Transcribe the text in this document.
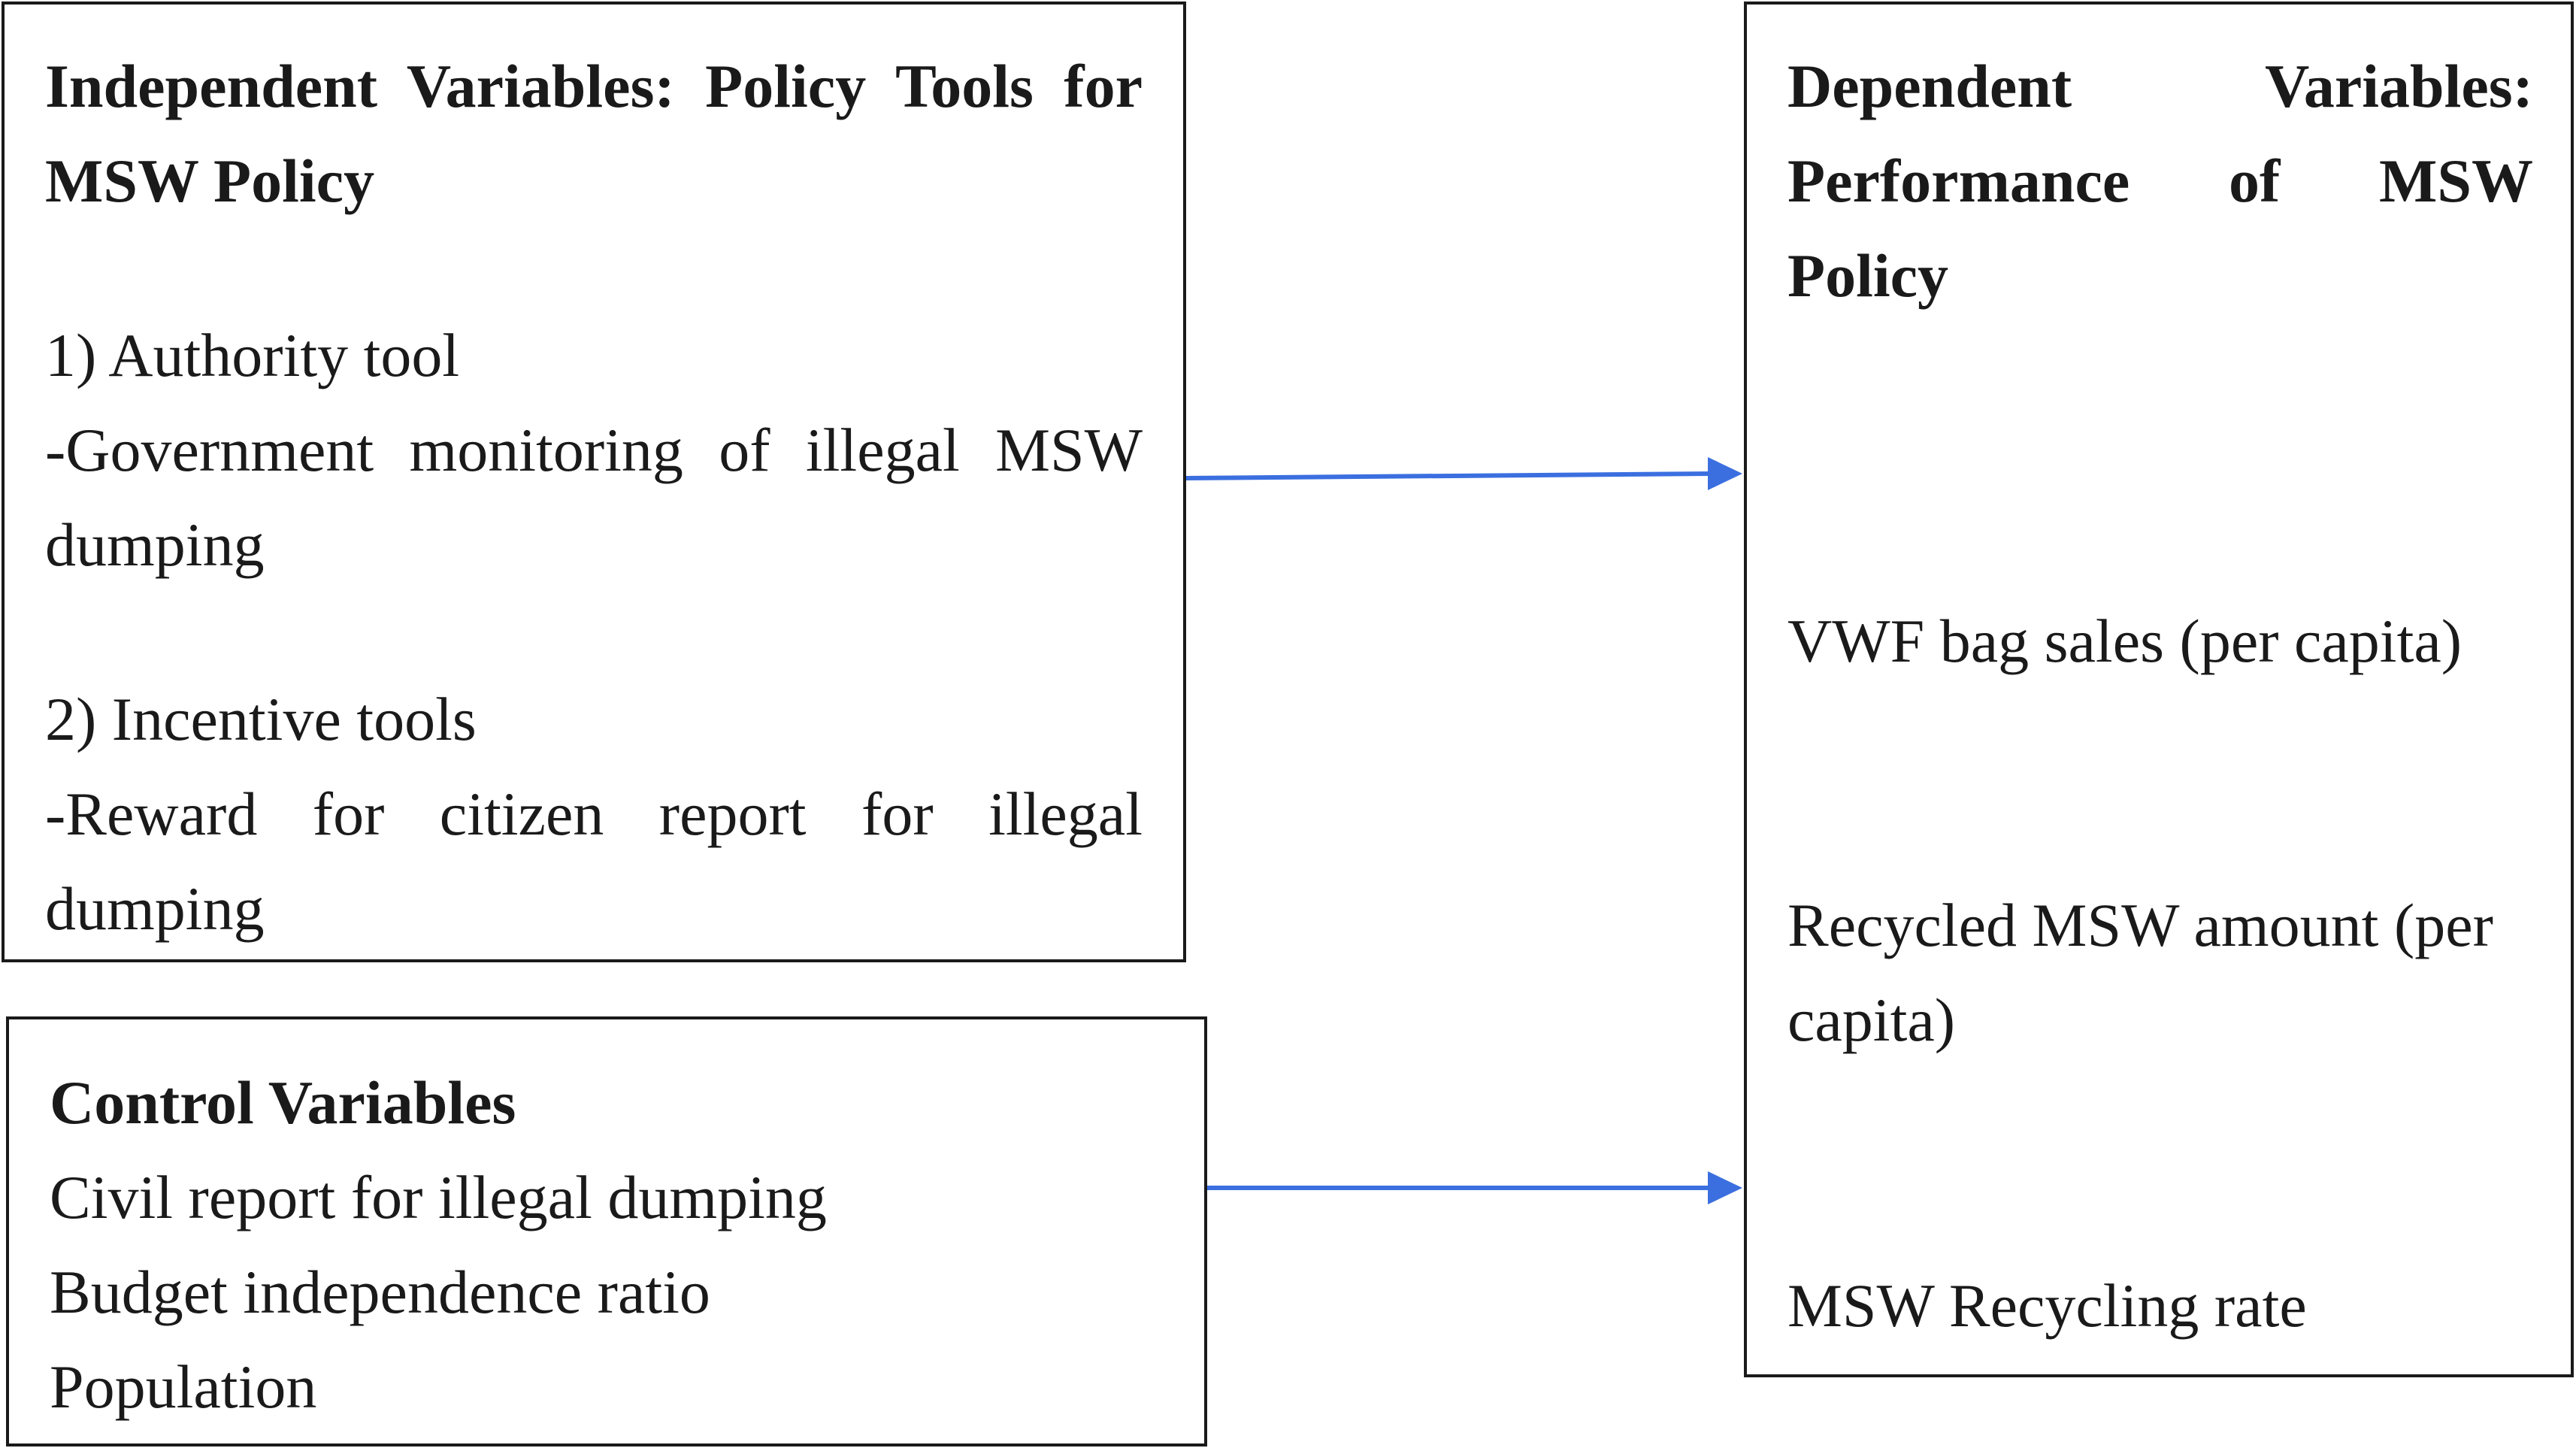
Independent Variables: Policy Tools for MSW Policy

1) Authority tool

-Government monitoring of illegal MSW dumping

2) Incentive tools

-Reward for citizen report for illegal dumping

Control Variables

Civil report for illegal dumping

Budget independence ratio

Population

Dependent Variables: Performance of MSW Policy

VWF bag sales (per capita)

Recycled MSW amount (per capita)

MSW Recycling rate
